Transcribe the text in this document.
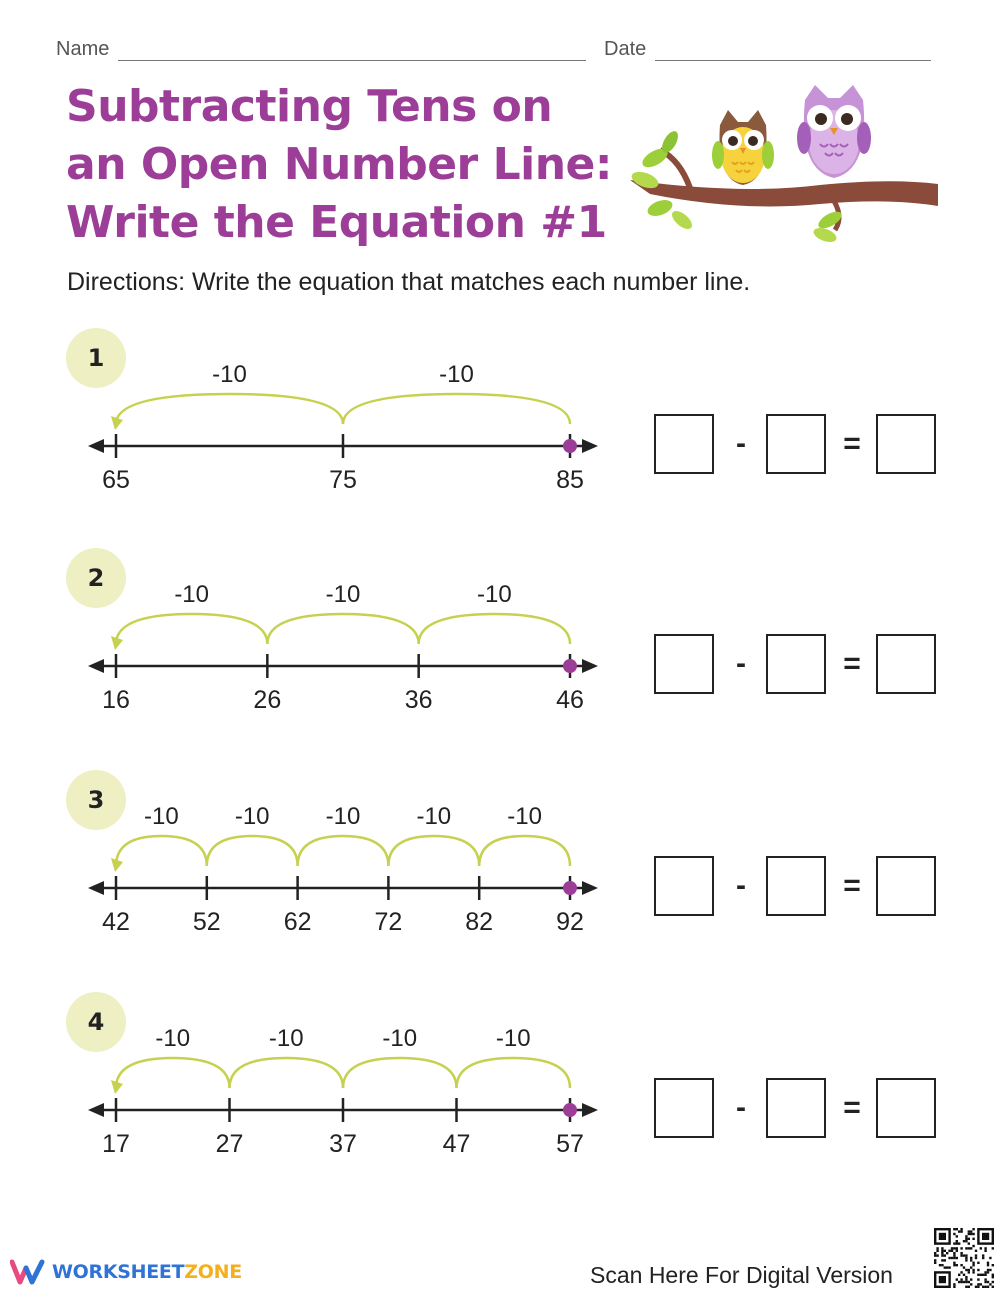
Name	Date
Subtracting Tens on
an Open Number Line:
Write the Equation #1
Directions: Write the equation that matches each number line.
1
-10
-10
65	75	85
-	=
2
-10
-10
-10
16	26	36	46
-	=
3
-10
-10
-10
-10
-10
42	52	62	72	82	92
-	=
4
-10
-10
-10
-10
17	27	37	47	57
-	=
WORKSHEETZONE	Scan Here For Digital Version
